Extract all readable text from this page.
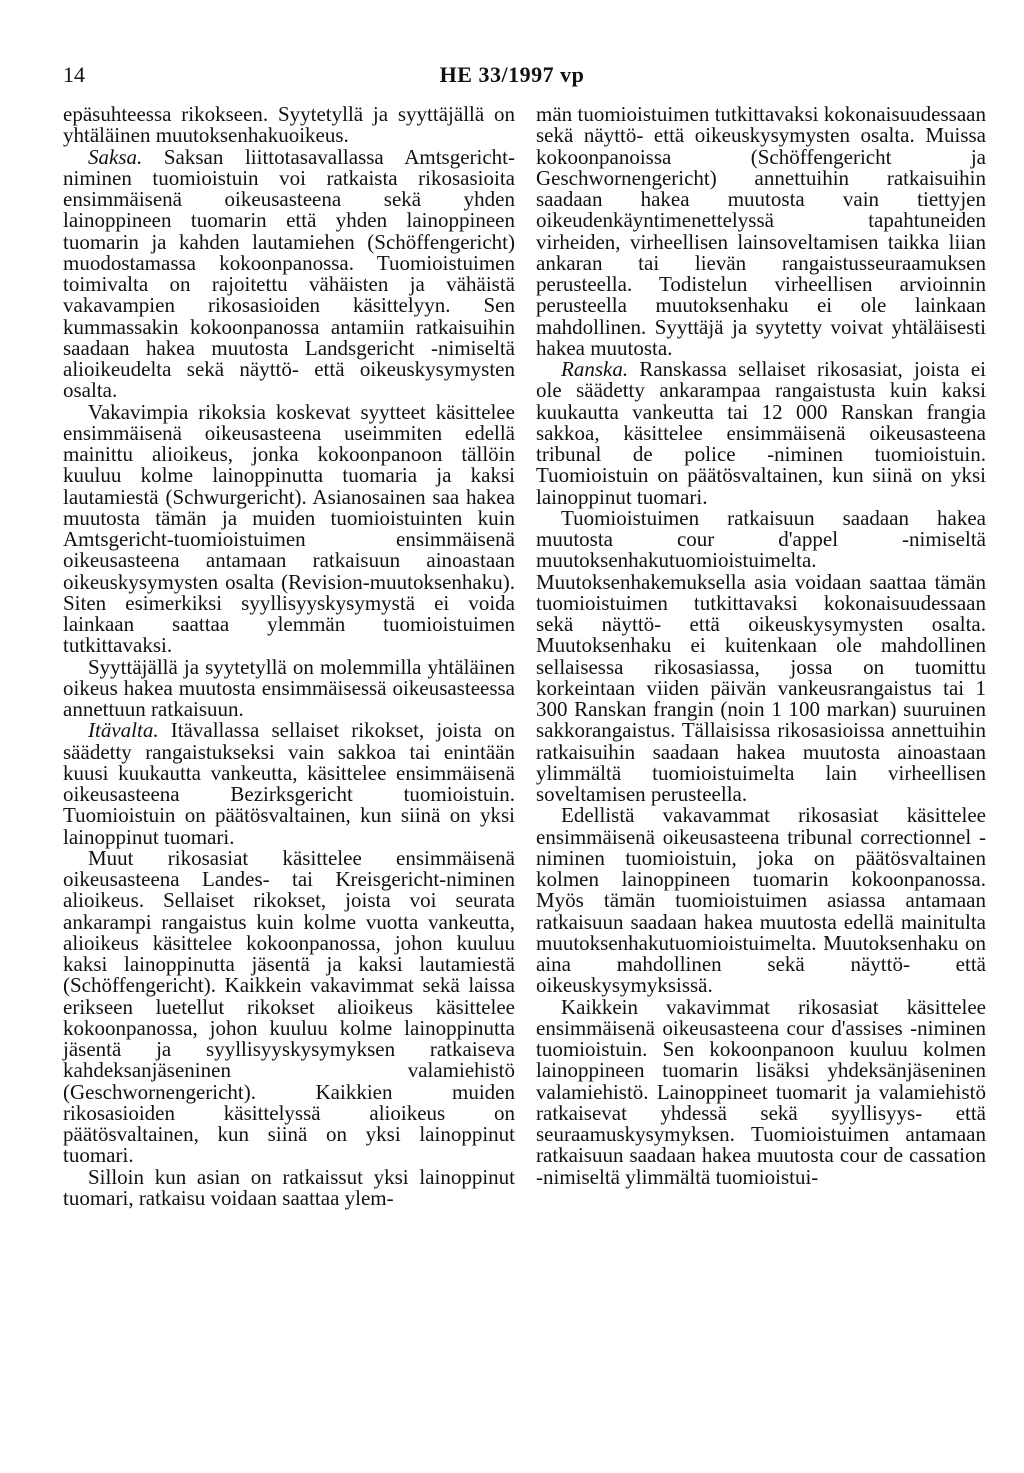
14	HE 33/1997 vp

epäsuhteessa rikokseen. Syytetyllä ja syyttäjällä on yhtäläinen muutoksenhakuoikeus.

Saksa. Saksan liittotasavallassa Amtsgericht-niminen tuomioistuin voi ratkaista rikosasioita ensimmäisenä oikeusasteena sekä yhden lainoppineen tuomarin että yhden lainoppineen tuomarin ja kahden lautamiehen (Schöffengericht) muodostamassa kokoonpanossa. Tuomioistuimen toimivalta on rajoitettu vähäisten ja vähäistä vakavampien rikosasioiden käsittelyyn. Sen kummassakin kokoonpanossa antamiin ratkaisuihin saadaan hakea muutosta Landsgericht -nimiseltä alioikeudelta sekä näyttö- että oikeuskysymysten osalta.

Vakavimpia rikoksia koskevat syytteet käsittelee ensimmäisenä oikeusasteena useimmiten edellä mainittu alioikeus, jonka kokoonpanoon tällöin kuuluu kolme lainoppinutta tuomaria ja kaksi lautamiestä (Schwurgericht). Asianosainen saa hakea muutosta tämän ja muiden tuomioistuinten kuin Amtsgericht-tuomioistuimen ensimmäisenä oikeusasteena antamaan ratkaisuun ainoastaan oikeuskysymysten osalta (Revision-muutoksenhaku). Siten esimerkiksi syyllisyyskysymystä ei voida lainkaan saattaa ylemmän tuomioistuimen tutkittavaksi.

Syyttäjällä ja syytetyllä on molemmilla yhtäläinen oikeus hakea muutosta ensimmäisessä oikeusasteessa annettuun ratkaisuun.

Itävalta. Itävallassa sellaiset rikokset, joista on säädetty rangaistukseksi vain sakkoa tai enintään kuusi kuukautta vankeutta, käsittelee ensimmäisenä oikeusasteena Bezirksgericht tuomioistuin. Tuomioistuin on päätösvaltainen, kun siinä on yksi lainoppinut tuomari.

Muut rikosasiat käsittelee ensimmäisenä oikeusasteena Landes- tai Kreisgericht-niminen alioikeus. Sellaiset rikokset, joista voi seurata ankarampi rangaistus kuin kolme vuotta vankeutta, alioikeus käsittelee kokoonpanossa, johon kuuluu kaksi lainoppinutta jäsentä ja kaksi lautamiestä (Schöffengericht). Kaikkein vakavimmat sekä laissa erikseen luetellut rikokset alioikeus käsittelee kokoonpanossa, johon kuuluu kolme lainoppinutta jäsentä ja syyllisyyskysymyksen ratkaiseva kahdeksanjäseninen valamiehistö (Geschwornengericht). Kaikkien muiden rikosasioiden käsittelyssä alioikeus on päätösvaltainen, kun siinä on yksi lainoppinut tuomari.

Silloin kun asian on ratkaissut yksi lainoppinut tuomari, ratkaisu voidaan saattaa ylem-

män tuomioistuimen tutkittavaksi kokonaisuudessaan sekä näyttö- että oikeuskysymysten osalta. Muissa kokoonpanoissa (Schöffengericht ja Geschwornengericht) annettuihin ratkaisuihin saadaan hakea muutosta vain tiettyjen oikeudenkäyntimenettelyssä tapahtuneiden virheiden, virheellisen lainsoveltamisen taikka liian ankaran tai lievän rangaistusseuraamuksen perusteella. Todistelun virheellisen arvioinnin perusteella muutoksenhaku ei ole lainkaan mahdollinen. Syyttäjä ja syytetty voivat yhtäläisesti hakea muutosta.

Ranska. Ranskassa sellaiset rikosasiat, joista ei ole säädetty ankarampaa rangaistusta kuin kaksi kuukautta vankeutta tai 12 000 Ranskan frangia sakkoa, käsittelee ensimmäisenä oikeusasteena tribunal de police -niminen tuomioistuin. Tuomioistuin on päätösvaltainen, kun siinä on yksi lainoppinut tuomari.

Tuomioistuimen ratkaisuun saadaan hakea muutosta cour d'appel -nimiseltä muutoksenhakutuomioistuimelta. Muutoksenhakemuksella asia voidaan saattaa tämän tuomioistuimen tutkittavaksi kokonaisuudessaan sekä näyttö- että oikeuskysymysten osalta. Muutoksenhaku ei kuitenkaan ole mahdollinen sellaisessa rikosasiassa, jossa on tuomittu korkeintaan viiden päivän vankeusrangaistus tai 1 300 Ranskan frangin (noin 1 100 markan) suuruinen sakkorangaistus. Tällaisissa rikosasioissa annettuihin ratkaisuihin saadaan hakea muutosta ainoastaan ylimmältä tuomioistuimelta lain virheellisen soveltamisen perusteella.

Edellistä vakavammat rikosasiat käsittelee ensimmäisenä oikeusasteena tribunal correctionnel -niminen tuomioistuin, joka on päätösvaltainen kolmen lainoppineen tuomarin kokoonpanossa. Myös tämän tuomioistuimen asiassa antamaan ratkaisuun saadaan hakea muutosta edellä mainitulta muutoksenhakutuomioistuimelta. Muutoksenhaku on aina mahdollinen sekä näyttö- että oikeuskysymyksissä.

Kaikkein vakavimmat rikosasiat käsittelee ensimmäisenä oikeusasteena cour d'assises -niminen tuomioistuin. Sen kokoonpanoon kuuluu kolmen lainoppineen tuomarin lisäksi yhdeksänjäseninen valamiehistö. Lainoppineet tuomarit ja valamiehistö ratkaisevat yhdessä sekä syyllisyys- että seuraamuskysymyksen. Tuomioistuimen antamaan ratkaisuun saadaan hakea muutosta cour de cassation -nimiseltä ylimmältä tuomioistui-
